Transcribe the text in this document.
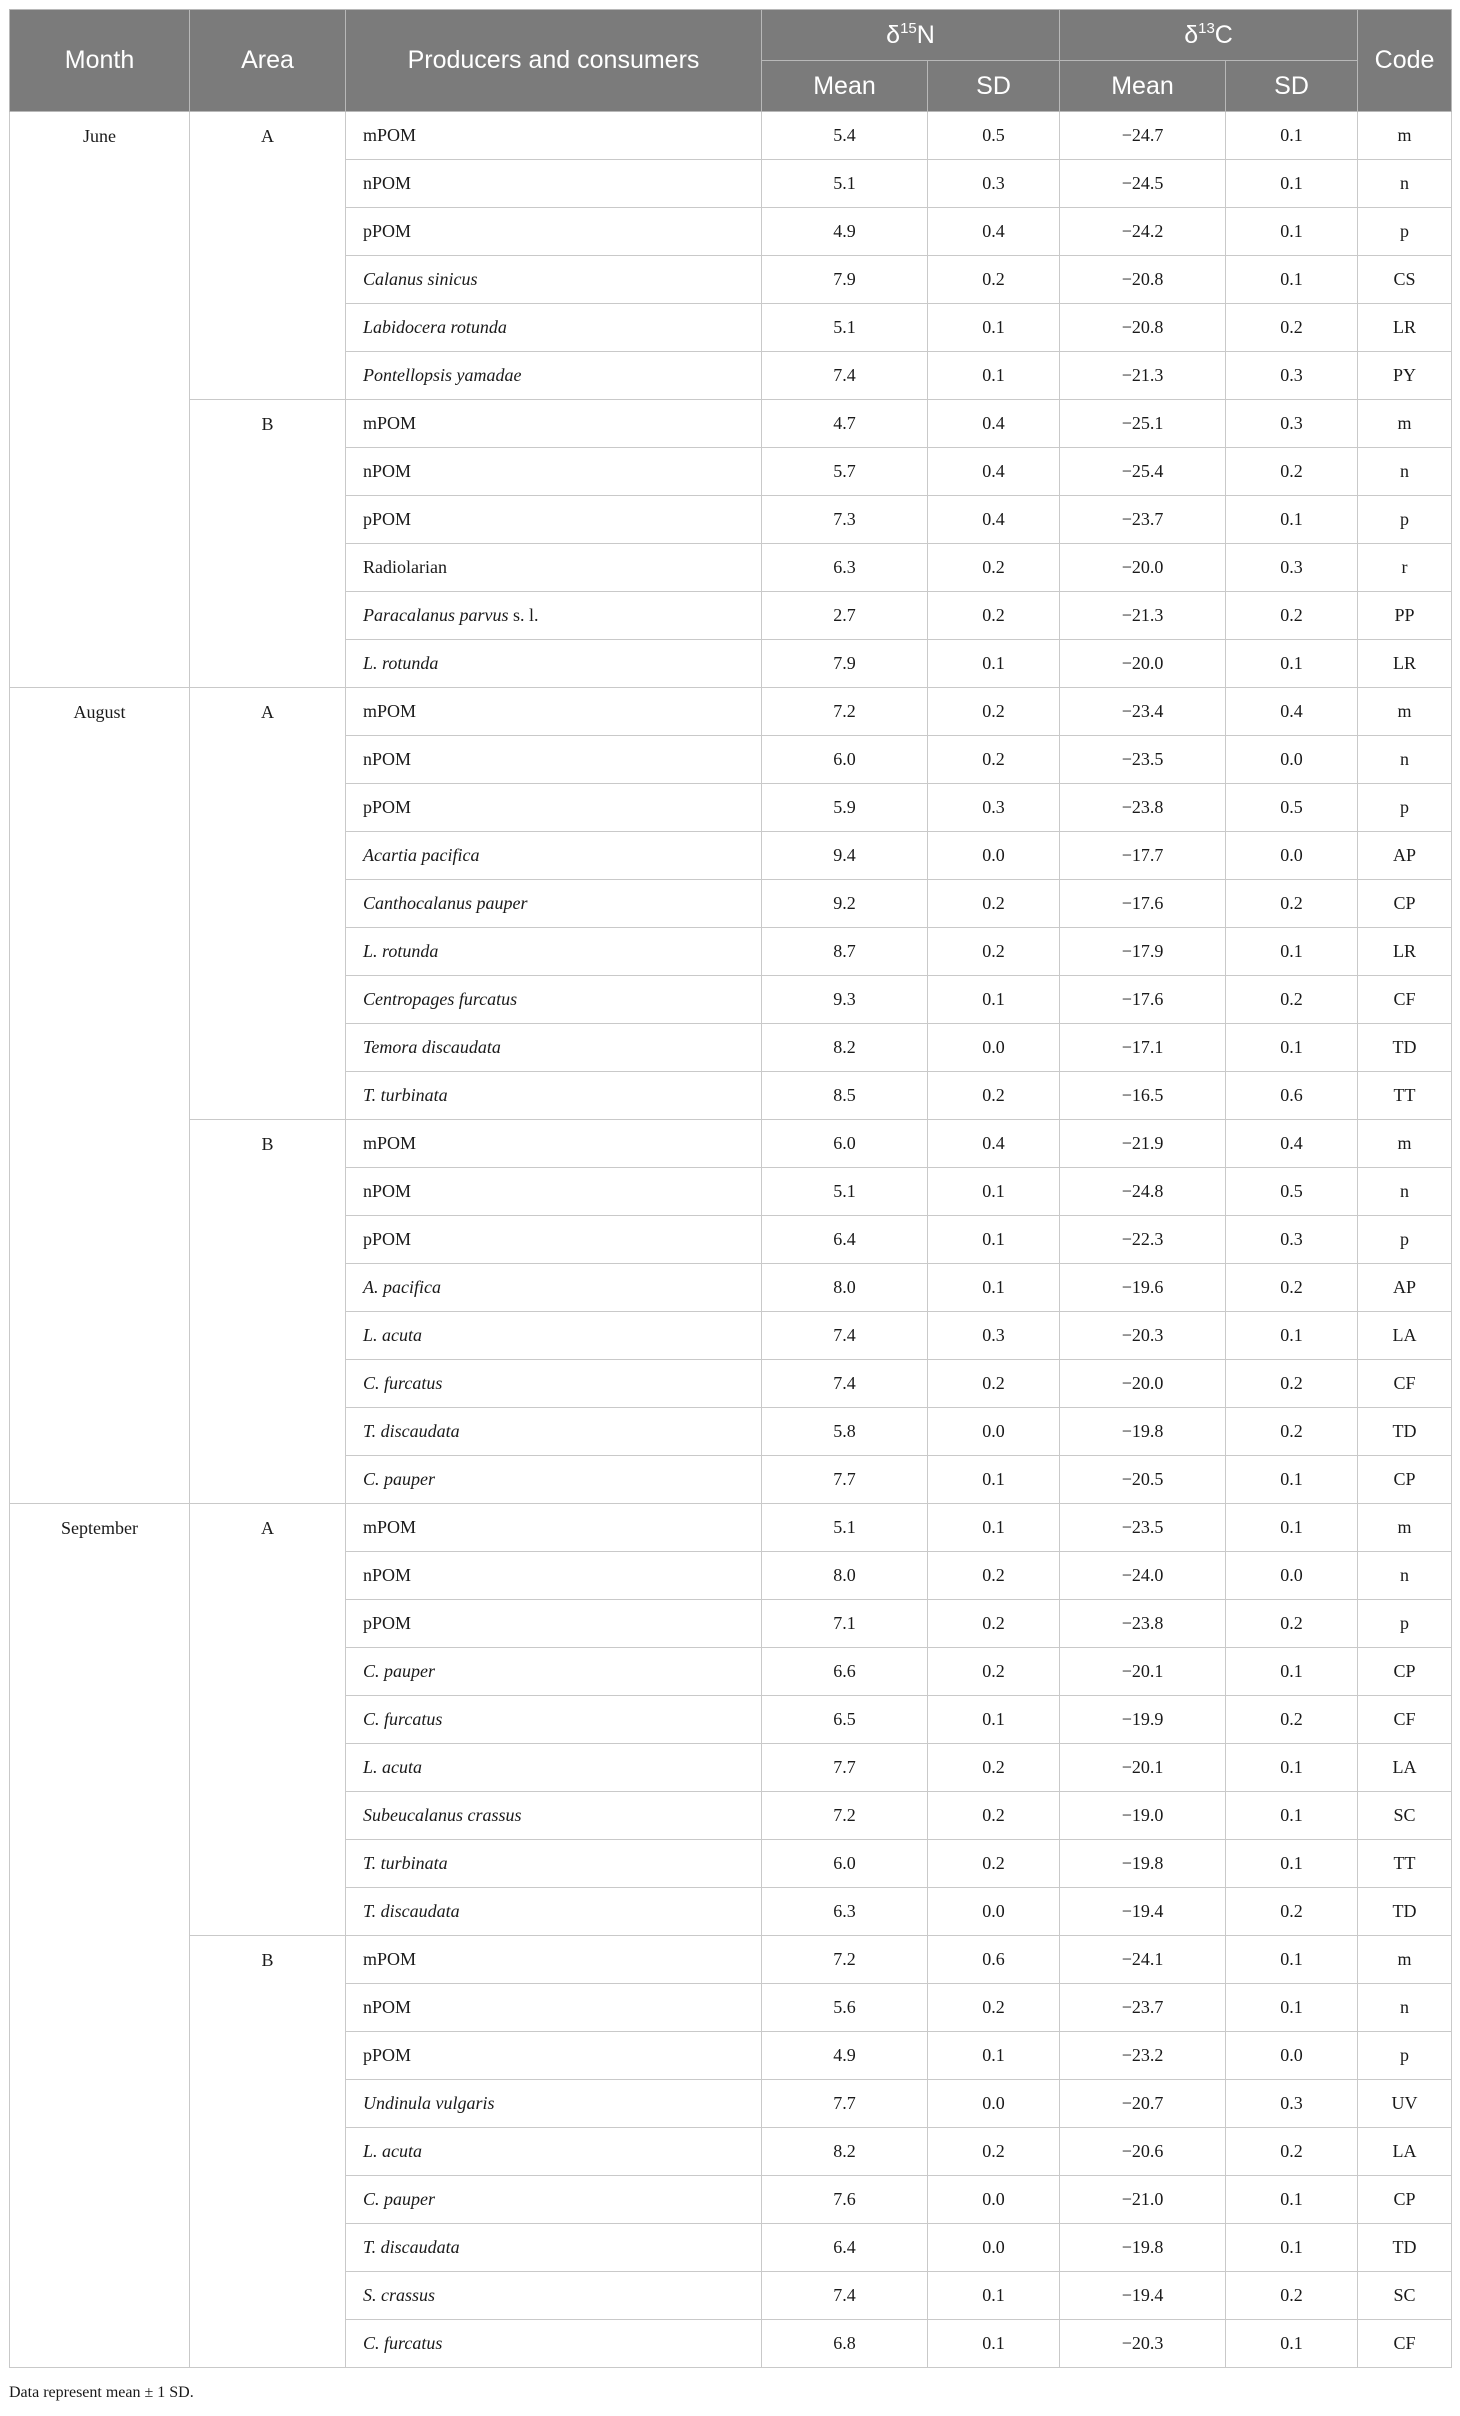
Month	Area	Producers and consumers	$\delta^{15}N$		$\delta^{13}C$		Code
			Mean	SD	Mean	SD	
June	A	mPOM	5.4	0.5	−24.7	0.1	m
		nPOM	5.1	0.3	−24.5	0.1	n
		pPOM	4.9	0.4	−24.2	0.1	p
		Calanus sinicus	7.9	0.2	−20.8	0.1	CS
		Labidocera rotunda	5.1	0.1	−20.8	0.2	LR
		Pontellopsis yamadae	7.4	0.1	−21.3	0.3	PY
	B	mPOM	4.7	0.4	−25.1	0.3	m
		nPOM	5.7	0.4	−25.4	0.2	n
		pPOM	7.3	0.4	−23.7	0.1	p
		Radiolarian	6.3	0.2	−20.0	0.3	r
		Paracalanus parvus s. l.	2.7	0.2	−21.3	0.2	PP
		L. rotunda	7.9	0.1	−20.0	0.1	LR
August	A	mPOM	7.2	0.2	−23.4	0.4	m
		nPOM	6.0	0.2	−23.5	0.0	n
		pPOM	5.9	0.3	−23.8	0.5	p
		Acartia pacifica	9.4	0.0	−17.7	0.0	AP
		Canthocalanus pauper	9.2	0.2	−17.6	0.2	CP
		L. rotunda	8.7	0.2	−17.9	0.1	LR
		Centropages furcatus	9.3	0.1	−17.6	0.2	CF
		Temora discaudata	8.2	0.0	−17.1	0.1	TD
		T. turbinata	8.5	0.2	−16.5	0.6	TT
	B	mPOM	6.0	0.4	−21.9	0.4	m
		nPOM	5.1	0.1	−24.8	0.5	n
		pPOM	6.4	0.1	−22.3	0.3	p
		A. pacifica	8.0	0.1	−19.6	0.2	AP
		L. acuta	7.4	0.3	−20.3	0.1	LA
		C. furcatus	7.4	0.2	−20.0	0.2	CF
		T. discaudata	5.8	0.0	−19.8	0.2	TD
		C. pauper	7.7	0.1	−20.5	0.1	CP
September	A	mPOM	5.1	0.1	−23.5	0.1	m
		nPOM	8.0	0.2	−24.0	0.0	n
		pPOM	7.1	0.2	−23.8	0.2	p
		C. pauper	6.6	0.2	−20.1	0.1	CP
		C. furcatus	6.5	0.1	−19.9	0.2	CF
		L. acuta	7.7	0.2	−20.1	0.1	LA
		Subeucalanus crassus	7.2	0.2	−19.0	0.1	SC
		T. turbinata	6.0	0.2	−19.8	0.1	TT
		T. discaudata	6.3	0.0	−19.4	0.2	TD
	B	mPOM	7.2	0.6	−24.1	0.1	m
		nPOM	5.6	0.2	−23.7	0.1	n
		pPOM	4.9	0.1	−23.2	0.0	p
		Undinula vulgaris	7.7	0.0	−20.7	0.3	UV
		L. acuta	8.2	0.2	−20.6	0.2	LA
		C. pauper	7.6	0.0	−21.0	0.1	CP
		T. discaudata	6.4	0.0	−19.8	0.1	TD
		S. crassus	7.4	0.1	−19.4	0.2	SC
		C. furcatus	6.8	0.1	−20.3	0.1	CF
Data represent mean ± 1 SD.
